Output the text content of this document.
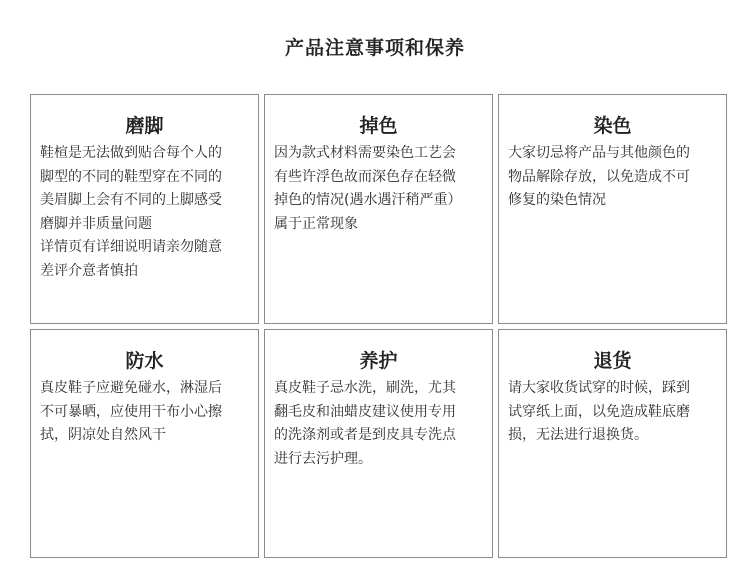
产品注意事项和保养
磨脚
鞋楦是无法做到贴合每个人的
脚型的不同的鞋型穿在不同的
美眉脚上会有不同的上脚感受
磨脚并非质量问题
详情页有详细说明请亲勿随意
差评介意者慎拍
掉色
因为款式材料需要染色工艺会
有些许浮色故而深色存在轻微
掉色的情况(遇水遇汗稍严重）
属于正常现象
染色
大家切忌将产品与其他颜色的
物品解除存放，以免造成不可
修复的染色情况
防水
真皮鞋子应避免碰水，淋湿后
不可暴晒，应使用干布小心擦
拭，阴凉处自然风干
养护
真皮鞋子忌水洗，刷洗，尤其
翻毛皮和油蜡皮建议使用专用
的洗涤剂或者是到皮具专洗点
进行去污护理。
退货
请大家收货试穿的时候，踩到
试穿纸上面，以免造成鞋底磨
损，无法进行退换货。
